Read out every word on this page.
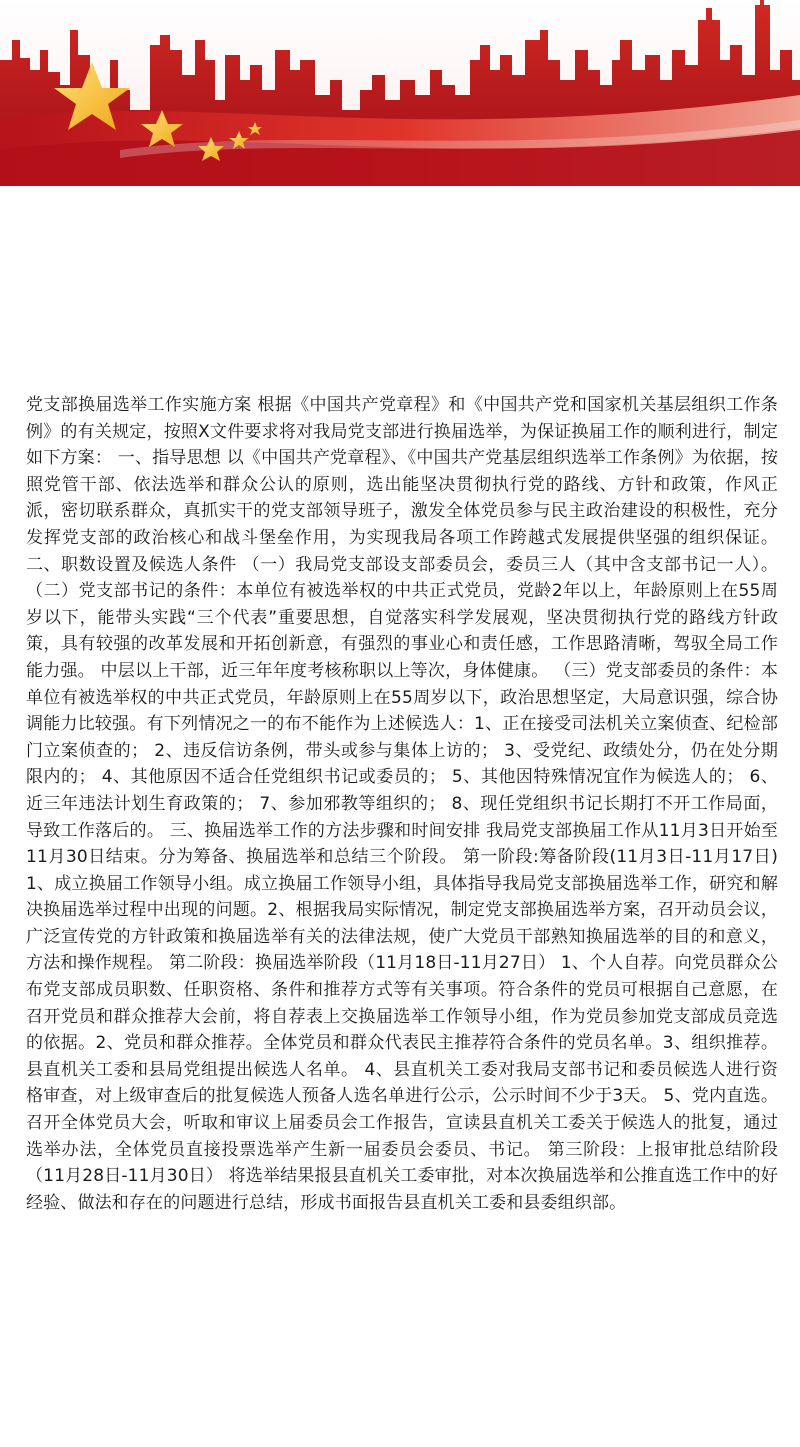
党支部换届选举工作实施方案 根据《中国共产党章程》和《中国共产党和国家机关基层组织工作条例》的有关规定，按照X文件要求将对我局党支部进行换届选举，为保证换届工作的顺利进行，制定如下方案： 一、指导思想 以《中国共产党章程》、《中国共产党基层组织选举工作条例》为依据，按照党管干部、依法选举和群众公认的原则，选出能坚决贯彻执行党的路线、方针和政策，作风正派，密切联系群众，真抓实干的党支部领导班子，激发全体党员参与民主政治建设的积极性，充分发挥党支部的政治核心和战斗堡垒作用，为实现我局各项工作跨越式发展提供坚强的组织保证。 二、职数设置及候选人条件 （一）我局党支部设支部委员会，委员三人（其中含支部书记一人）。 （二）党支部书记的条件：本单位有被选举权的中共正式党员，党龄2年以上，年龄原则上在55周岁以下，能带头实践“三个代表”重要思想，自觉落实科学发展观，坚决贯彻执行党的路线方针政策，具有较强的改革发展和开拓创新意，有强烈的事业心和责任感，工作思路清晰，驾驭全局工作能力强。 中层以上干部，近三年年度考核称职以上等次，身体健康。 （三）党支部委员的条件：本单位有被选举权的中共正式党员，年龄原则上在55周岁以下，政治思想坚定，大局意识强，综合协调能力比较强。有下列情况之一的布不能作为上述候选人：1、正在接受司法机关立案侦查、纪检部门立案侦查的； 2、违反信访条例，带头或参与集体上访的； 3、受党纪、政绩处分，仍在处分期限内的； 4、其他原因不适合任党组织书记或委员的； 5、其他因特殊情况宜作为候选人的； 6、近三年违法计划生育政策的； 7、参加邪教等组织的； 8、现任党组织书记长期打不开工作局面，导致工作落后的。 三、换届选举工作的方法步骤和时间安排 我局党支部换届工作从11月3日开始至11月30日结束。分为筹备、换届选举和总结三个阶段。 第一阶段:筹备阶段(11月3日-11月17日) 1、成立换届工作领导小组。成立换届工作领导小组，具体指导我局党支部换届选举工作，研究和解决换届选举过程中出现的问题。2、根据我局实际情况，制定党支部换届选举方案，召开动员会议，广泛宣传党的方针政策和换届选举有关的法律法规，使广大党员干部熟知换届选举的目的和意义，方法和操作规程。 第二阶段：换届选举阶段（11月18日-11月27日） 1、个人自荐。向党员群众公布党支部成员职数、任职资格、条件和推荐方式等有关事项。符合条件的党员可根据自己意愿，在召开党员和群众推荐大会前，将自荐表上交换届选举工作领导小组，作为党员参加党支部成员竞选的依据。2、党员和群众推荐。全体党员和群众代表民主推荐符合条件的党员名单。3、组织推荐。县直机关工委和县局党组提出候选人名单。 4、县直机关工委对我局支部书记和委员候选人进行资格审查，对上级审查后的批复候选人预备人选名单进行公示，公示时间不少于3天。 5、党内直选。召开全体党员大会，听取和审议上届委员会工作报告，宣读县直机关工委关于候选人的批复，通过选举办法，全体党员直接投票选举产生新一届委员会委员、书记。 第三阶段：上报审批总结阶段（11月28日-11月30日） 将选举结果报县直机关工委审批，对本次换届选举和公推直选工作中的好经验、做法和存在的问题进行总结，形成书面报告县直机关工委和县委组织部。
